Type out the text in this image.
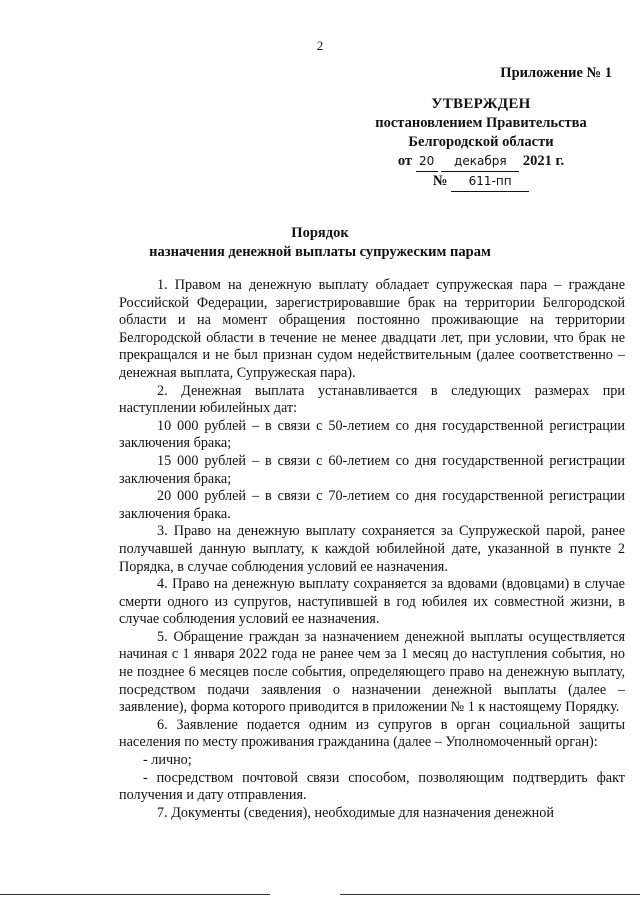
2
Приложение № 1
УТВЕРЖДЕН
постановлением Правительства
Белгородской области
от 20 декабря 2021 г.
№ 611-пп
Порядок
назначения денежной выплаты супружеским парам

1. Правом на денежную выплату обладает супружеская пара – граждане Российской Федерации, зарегистрировавшие брак на территории Белгородской области и на момент обращения постоянно проживающие на территории Белгородской области в течение не менее двадцати лет, при условии, что брак не прекращался и не был признан судом недействительным (далее соответственно – денежная выплата, Супружеская пара).

2. Денежная выплата устанавливается в следующих размерах при наступлении юбилейных дат:

10 000 рублей – в связи с 50-летием со дня государственной регистрации заключения брака;

15 000 рублей – в связи с 60-летием со дня государственной регистрации заключения брака;

20 000 рублей – в связи с 70-летием со дня государственной регистрации заключения брака.

3. Право на денежную выплату сохраняется за Супружеской парой, ранее получавшей данную выплату, к каждой юбилейной дате, указанной в пункте 2 Порядка, в случае соблюдения условий ее назначения.

4. Право на денежную выплату сохраняется за вдовами (вдовцами) в случае смерти одного из супругов, наступившей в год юбилея их совместной жизни, в случае соблюдения условий ее назначения.

5. Обращение граждан за назначением денежной выплаты осуществляется начиная с 1 января 2022 года не ранее чем за 1 месяц до наступления события, но не позднее 6 месяцев после события, определяющего право на денежную выплату, посредством подачи заявления о назначении денежной выплаты (далее – заявление), форма которого приводится в приложении № 1 к настоящему Порядку.

6. Заявление подается одним из супругов в орган социальной защиты населения по месту проживания гражданина (далее – Уполномоченный орган):

- лично;

- посредством почтовой связи способом, позволяющим подтвердить факт получения и дату отправления.

7. Документы (сведения), необходимые для назначения денежной
